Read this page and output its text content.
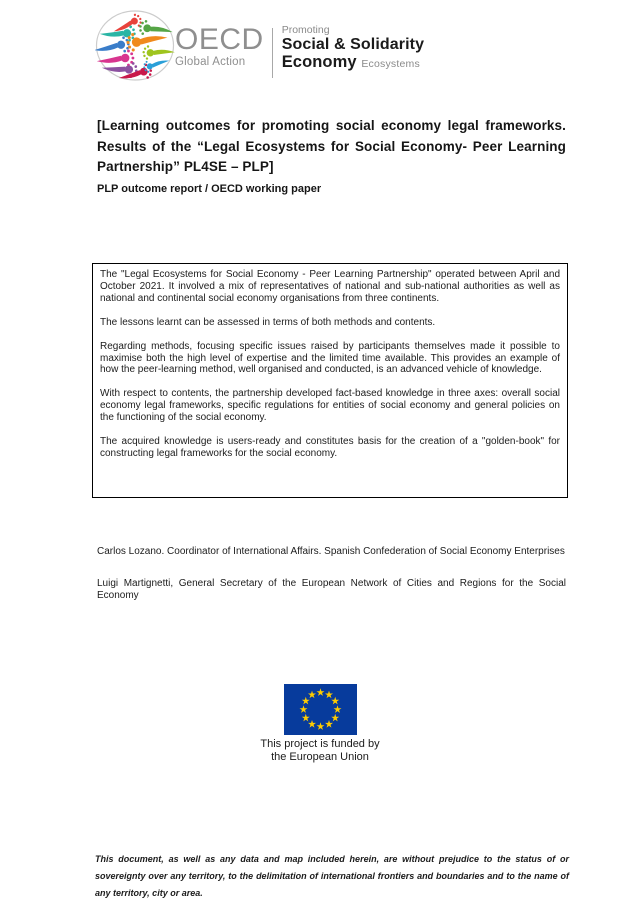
OECD
Global Action
Promoting
Social & Solidarity
Economy Ecosystems
[Learning outcomes for promoting social economy legal frameworks. Results of the “Legal Ecosystems for Social Economy- Peer Learning Partnership” PL4SE – PLP]
PLP outcome report / OECD working paper

The "Legal Ecosystems for Social Economy - Peer Learning Partnership" operated between April and October 2021. It involved a mix of representatives of national and sub-national authorities as well as national and continental social economy organisations from three continents.

The lessons learnt can be assessed in terms of both methods and contents.

Regarding methods, focusing specific issues raised by participants themselves made it possible to maximise both the high level of expertise and the limited time available. This provides an example of how the peer-learning method, well organised and conducted, is an advanced vehicle of knowledge.

With respect to contents, the partnership developed fact-based knowledge in three axes: overall social economy legal frameworks, specific regulations for entities of social economy and general policies on the functioning of the social economy.

The acquired knowledge is users-ready and constitutes basis for the creation of a "golden-book" for constructing legal frameworks for the social economy.

Carlos Lozano. Coordinator of International Affairs. Spanish Confederation of Social Economy Enterprises

Luigi Martignetti, General Secretary of the European Network of Cities and Regions for the Social Economy

This project is funded by
the European Union
This document, as well as any data and map included herein, are without prejudice to the status of or sovereignty over any territory, to the delimitation of international frontiers and boundaries and to the name of any territory, city or area.
